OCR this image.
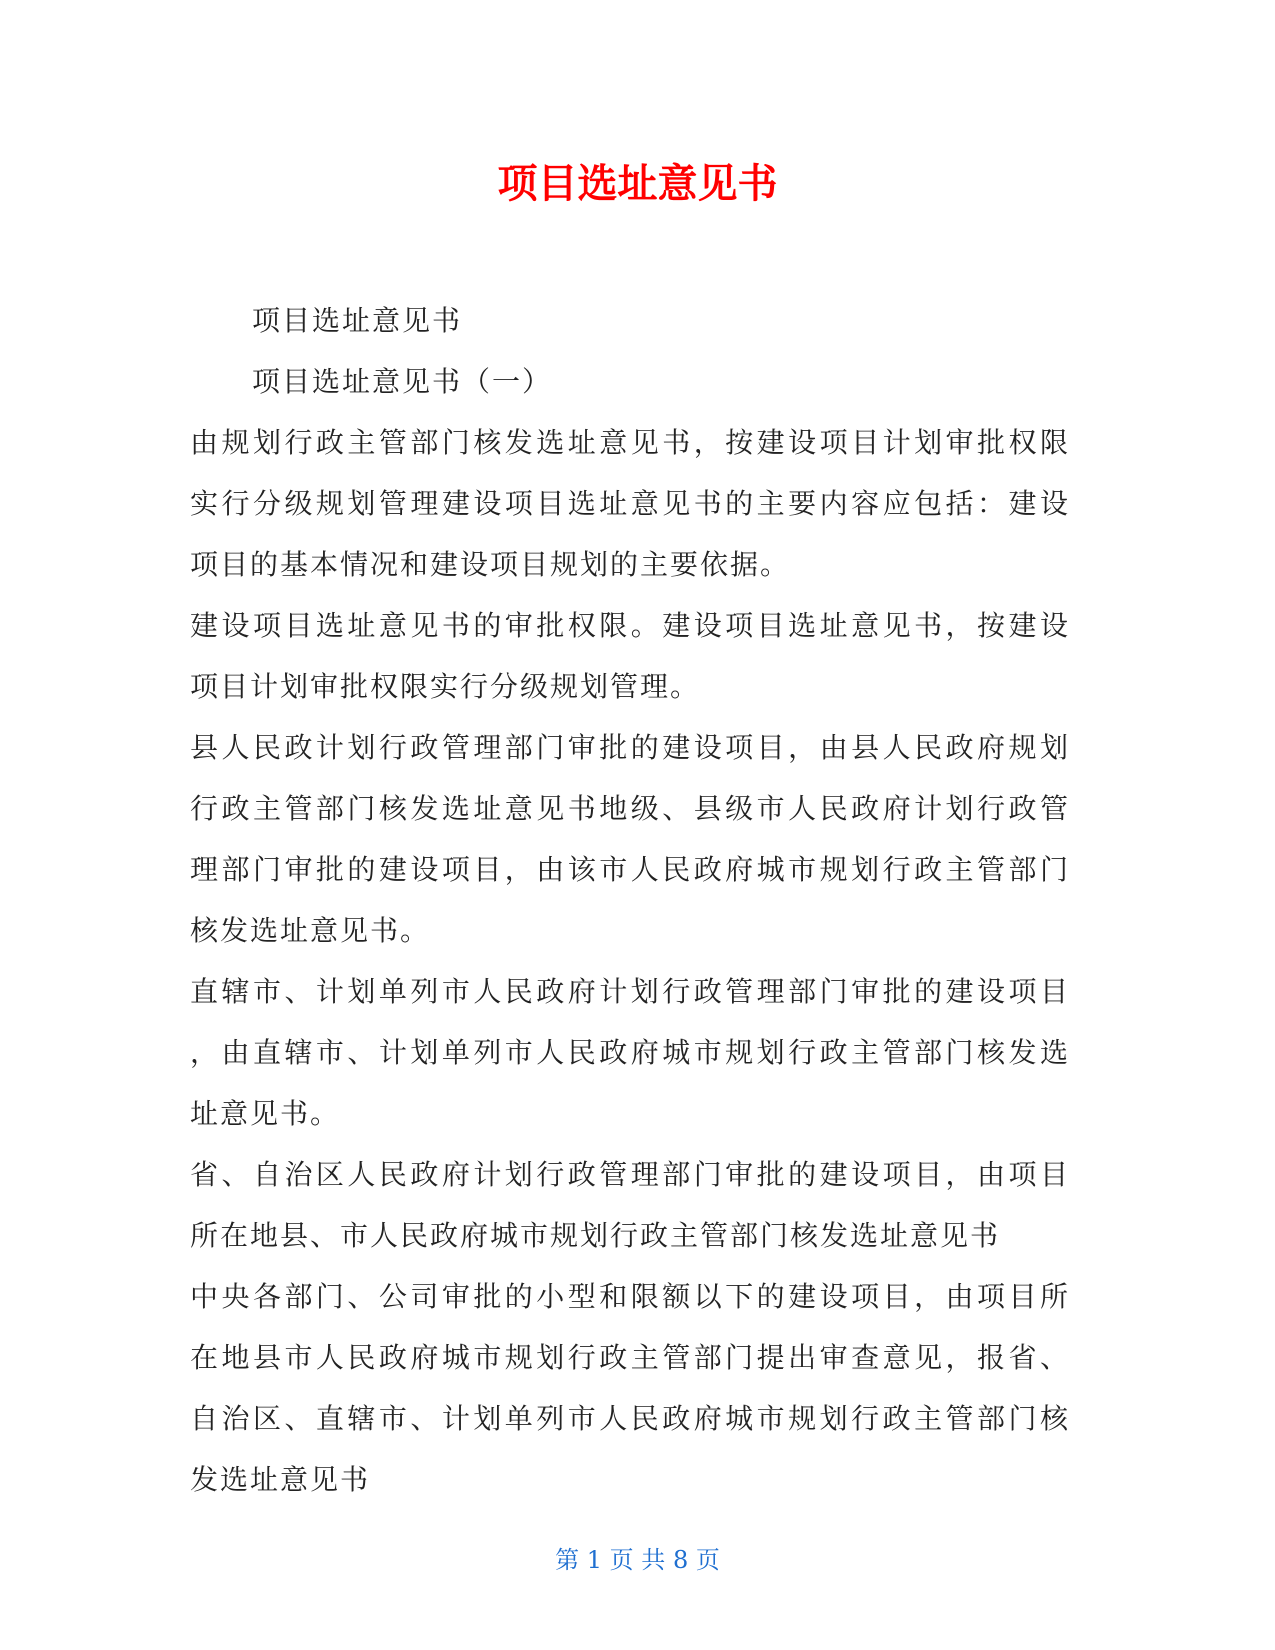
项目选址意见书

项目选址意见书

项目选址意见书（一）

由规划行政主管部门核发选址意见书，按建设项目计划审批权限

实行分级规划管理建设项目选址意见书的主要内容应包括：建设

项目的基本情况和建设项目规划的主要依据。

建设项目选址意见书的审批权限。建设项目选址意见书，按建设

项目计划审批权限实行分级规划管理。

县人民政计划行政管理部门审批的建设项目，由县人民政府规划

行政主管部门核发选址意见书地级、县级市人民政府计划行政管

理部门审批的建设项目，由该市人民政府城市规划行政主管部门

核发选址意见书。

直辖市、计划单列市人民政府计划行政管理部门审批的建设项目

，由直辖市、计划单列市人民政府城市规划行政主管部门核发选

址意见书。

省、自治区人民政府计划行政管理部门审批的建设项目，由项目

所在地县、市人民政府城市规划行政主管部门核发选址意见书

中央各部门、公司审批的小型和限额以下的建设项目，由项目所

在地县市人民政府城市规划行政主管部门提出审查意见，报省、

自治区、直辖市、计划单列市人民政府城市规划行政主管部门核

发选址意见书

第 1 页 共 8 页
